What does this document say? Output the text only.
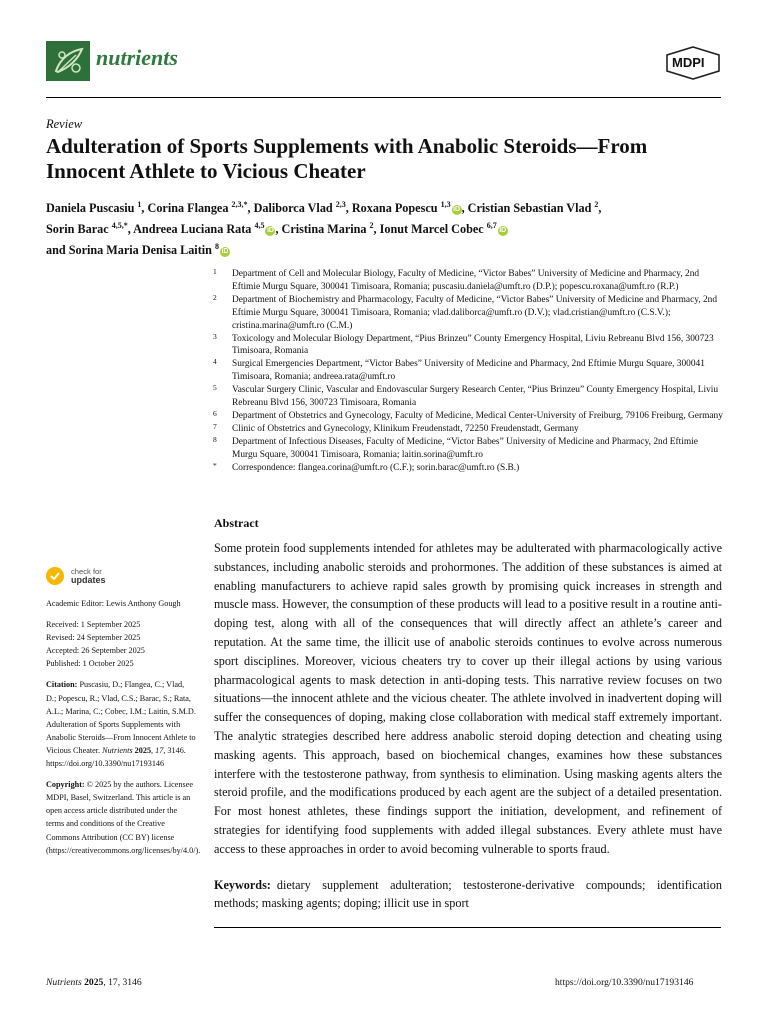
nutrients	MDPI
Review
Adulteration of Sports Supplements with Anabolic Steroids—From Innocent Athlete to Vicious Cheater
Daniela Puscasiu $^1$, Corina Flangea $^{2,3,*}$, Daliborca Vlad $^{2,3}$, Roxana Popescu $^{1,3}$iD , Cristian Sebastian Vlad $^2$,
Sorin Barac $^{4,5,*}$, Andreea Luciana Rata $^{4,5}$iD , Cristina Marina $^2$, Ionut Marcel Cobec $^{6,7}$iD
and Sorina Maria Denisa Laitin $^8$iD
1 Department of Cell and Molecular Biology, Faculty of Medicine, “Victor Babes” University of Medicine and Pharmacy, 2nd Eftimie Murgu Square, 300041 Timisoara, Romania; puscasiu.daniela@umft.ro (D.P.); popescu.roxana@umft.ro (R.P.)
2 Department of Biochemistry and Pharmacology, Faculty of Medicine, “Victor Babes” University of Medicine and Pharmacy, 2nd Eftimie Murgu Square, 300041 Timisoara, Romania; vlad.daliborca@umft.ro (D.V.); vlad.cristian@umft.ro (C.S.V.); cristina.marina@umft.ro (C.M.)
3 Toxicology and Molecular Biology Department, “Pius Brinzeu” County Emergency Hospital, Liviu Rebreanu Blvd 156, 300723 Timisoara, Romania
4 Surgical Emergencies Department, “Victor Babes” University of Medicine and Pharmacy, 2nd Eftimie Murgu Square, 300041 Timisoara, Romania; andreea.rata@umft.ro
5 Vascular Surgery Clinic, Vascular and Endovascular Surgery Research Center, “Pius Brinzeu” County Emergency Hospital, Liviu Rebreanu Blvd 156, 300723 Timisoara, Romania
6 Department of Obstetrics and Gynecology, Faculty of Medicine, Medical Center-University of Freiburg, 79106 Freiburg, Germany
7 Clinic of Obstetrics and Gynecology, Klinikum Freudenstadt, 72250 Freudenstadt, Germany
8 Department of Infectious Diseases, Faculty of Medicine, “Victor Babes” University of Medicine and Pharmacy, 2nd Eftimie Murgu Square, 300041 Timisoara, Romania; laitin.sorina@umft.ro
* Correspondence: flangea.corina@umft.ro (C.F.); sorin.barac@umft.ro (S.B.)
check for
updates

Academic Editor: Lewis Anthony Gough

Received: 1 September 2025

Revised: 24 September 2025

Accepted: 26 September 2025

Published: 1 October 2025

Citation: Puscasiu, D.; Flangea, C.; Vlad, D.; Popescu, R.; Vlad, C.S.; Barac, S.; Rata, A.L.; Marina, C.; Cobec, I.M.; Laitin, S.M.D. Adulteration of Sports Supplements with Anabolic Steroids—From Innocent Athlete to Vicious Cheater. Nutrients 2025, 17, 3146. https://doi.org/10.3390/nu17193146

Copyright: © 2025 by the authors. Licensee MDPI, Basel, Switzerland. This article is an open access article distributed under the terms and conditions of the Creative Commons Attribution (CC BY) license (https://creativecommons.org/licenses/by/4.0/).

Abstract
Some protein food supplements intended for athletes may be adulterated with pharmacologically active substances, including anabolic steroids and prohormones. The addition of these substances is aimed at enabling manufacturers to achieve rapid sales growth by promising quick increases in strength and muscle mass. However, the consumption of these products will lead to a positive result in a routine anti-doping test, along with all of the consequences that will directly affect an athlete’s career and reputation. At the same time, the illicit use of anabolic steroids continues to evolve across numerous sport disciplines. Moreover, vicious cheaters try to cover up their illegal actions by using various pharmacological agents to mask detection in anti-doping tests. This narrative review focuses on two situations—the innocent athlete and the vicious cheater. The athlete involved in inadvertent doping will suffer the consequences of doping, making close collaboration with medical staff extremely important. The analytic strategies described here address anabolic steroid doping detection and cheating using masking agents. This approach, based on biochemical changes, examines how these substances interfere with the testosterone pathway, from synthesis to elimination. Using masking agents alters the steroid profile, and the modifications produced by each agent are the subject of a detailed presentation. For most honest athletes, these findings support the initiation, development, and refinement of strategies for identifying food supplements with added illegal substances. Every athlete must have access to these approaches in order to avoid becoming vulnerable to sports fraud.
Keywords: dietary supplement adulteration; testosterone-derivative compounds; identification methods; masking agents; doping; illicit use in sport
Nutrients 2025, 17, 3146	https://doi.org/10.3390/nu17193146
